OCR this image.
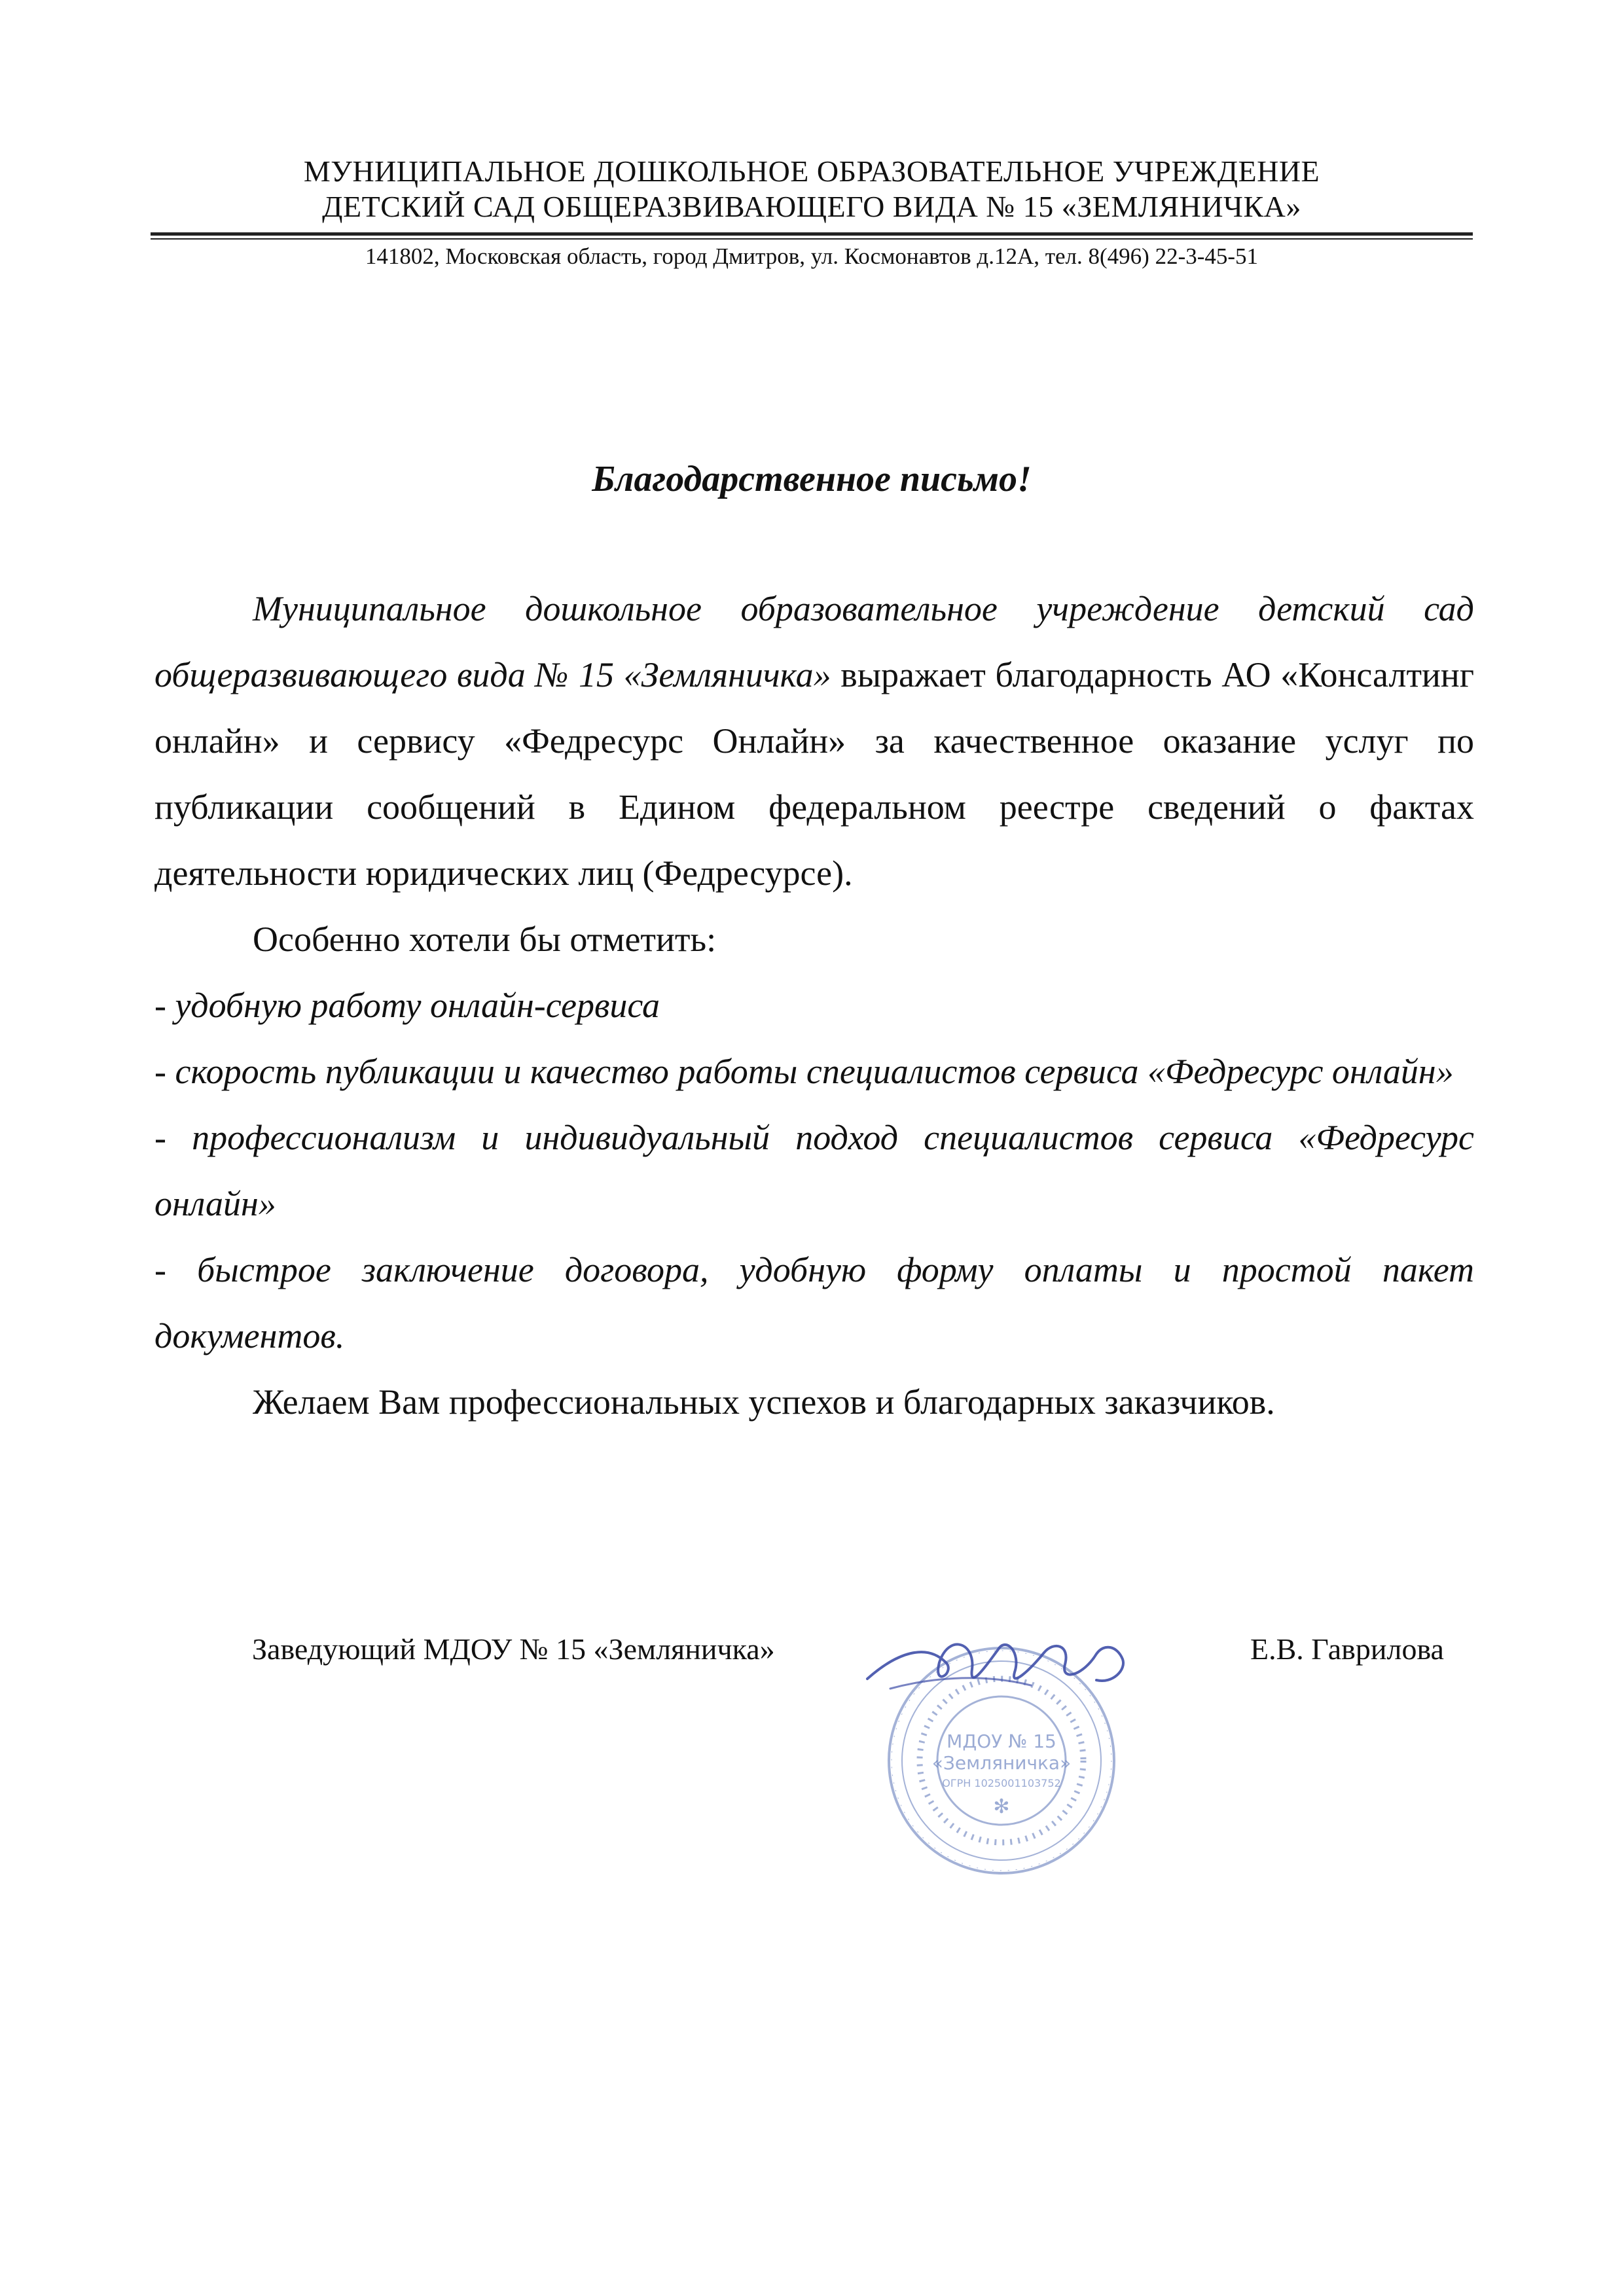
МУНИЦИПАЛЬНОЕ ДОШКОЛЬНОЕ ОБРАЗОВАТЕЛЬНОЕ УЧРЕЖДЕНИЕ
ДЕТСКИЙ САД ОБЩЕРАЗВИВАЮЩЕГО ВИДА № 15 «ЗЕМЛЯНИЧКА»
141802, Московская область, город Дмитров, ул. Космонавтов д.12А, тел. 8(496) 22-3-45-51
Благодарственное письмо!

Муниципальное дошкольное образовательное учреждение детский сад общеразвивающего вида № 15 «Земляничка» выражает благодарность АО «Консалтинг онлайн» и сервису «Федресурс Онлайн» за качественное оказание услуг по публикации сообщений в Едином федеральном реестре сведений о фактах деятельности юридических лиц (Федресурсе).

Особенно хотели бы отметить:

- удобную работу онлайн-сервиса

- скорость публикации и качество работы специалистов сервиса «Федресурс онлайн»

- профессионализм и индивидуальный подход специалистов сервиса «Федресурс онлайн»

- быстрое заключение договора, удобную форму оплаты и простой пакет документов.

Желаем Вам профессиональных успехов и благодарных заказчиков.

Заведующий МДОУ № 15 «Земляничка»	Е.В. Гаврилова
МДОУ № 15
«Земляничка»
ОГРН 1025001103752
✻
